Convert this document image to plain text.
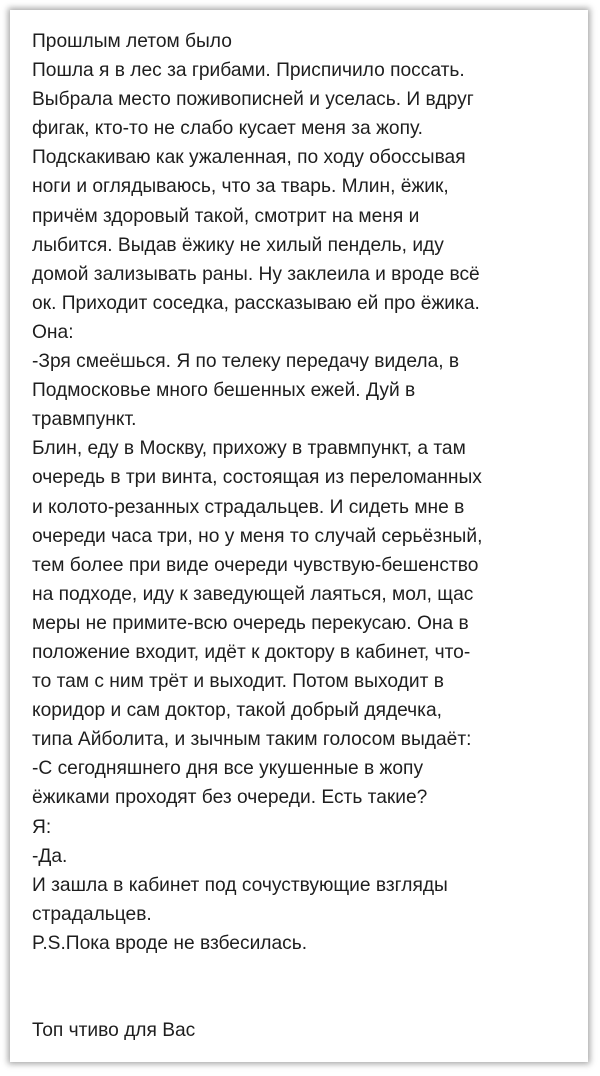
Прошлым летом было
Пошла я в лес за грибами. Приспичило поссать.
Выбрала место поживописней и уселась. И вдруг
фигак, кто-то не слабо кусает меня за жопу.
Подскакиваю как ужаленная, по ходу обоссывая
ноги и оглядываюсь, что за тварь. Млин, ёжик,
причём здоровый такой, смотрит на меня и
лыбится. Выдав ёжику не хилый пендель, иду
домой зализывать раны. Ну заклеила и вроде всё
ок. Приходит соседка, рассказываю ей про ёжика.
Она:
-Зря смеёшься. Я по телеку передачу видела, в
Подмосковье много бешенных ежей. Дуй в
травмпункт.
Блин, еду в Москву, прихожу в травмпункт, а там
очередь в три винта, состоящая из переломанных
и колото-резанных страдальцев. И сидеть мне в
очереди часа три, но у меня то случай серьёзный,
тем более при виде очереди чувствую-бешенство
на подходе, иду к заведующей лаяться, мол, щас
меры не примите-всю очередь перекусаю. Она в
положение входит, идёт к доктору в кабинет, что-
то там с ним трёт и выходит. Потом выходит в
коридор и сам доктор, такой добрый дядечка,
типа Айболита, и зычным таким голосом выдаёт:
-С сегодняшнего дня все укушенные в жопу
ёжиками проходят без очереди. Есть такие?
Я:
-Да.
И зашла в кабинет под сочуствующие взгляды
страдальцев.
P.S.Пока вроде не взбесилась.
Топ чтиво для Вас
